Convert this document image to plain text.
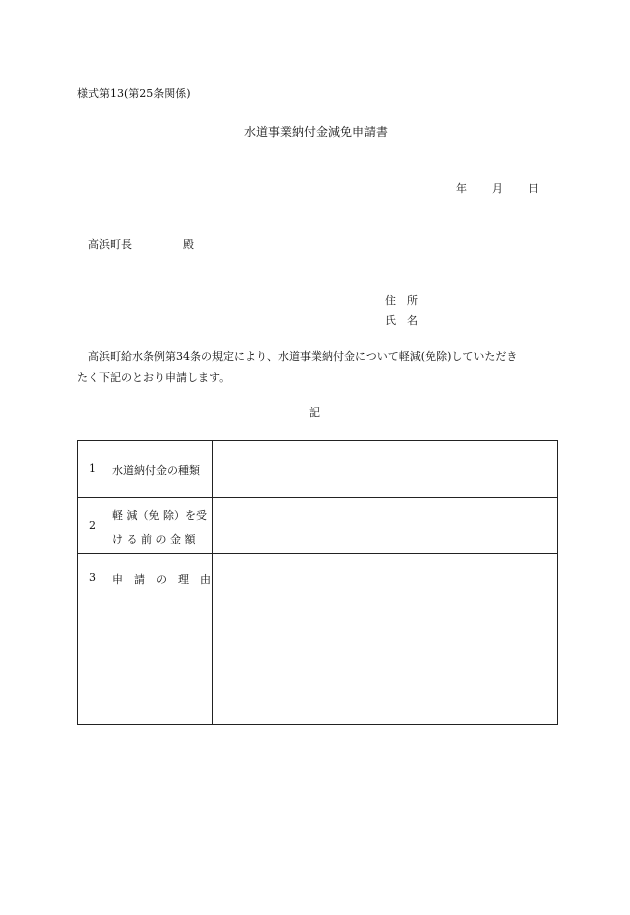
様式第13(第25条関係)
水道事業納付金減免申請書
年 月 日
高浜町長	殿
住　所
氏　名
高浜町給水条例第34条の規定により、水道事業納付金について軽減(免除)していただき
たく下記のとおり申請します。
記
1 水道納付金の種類	

2
軽 減（免 除）を受
け る 前 の 金 額	

3 申　請　の　理　由	
